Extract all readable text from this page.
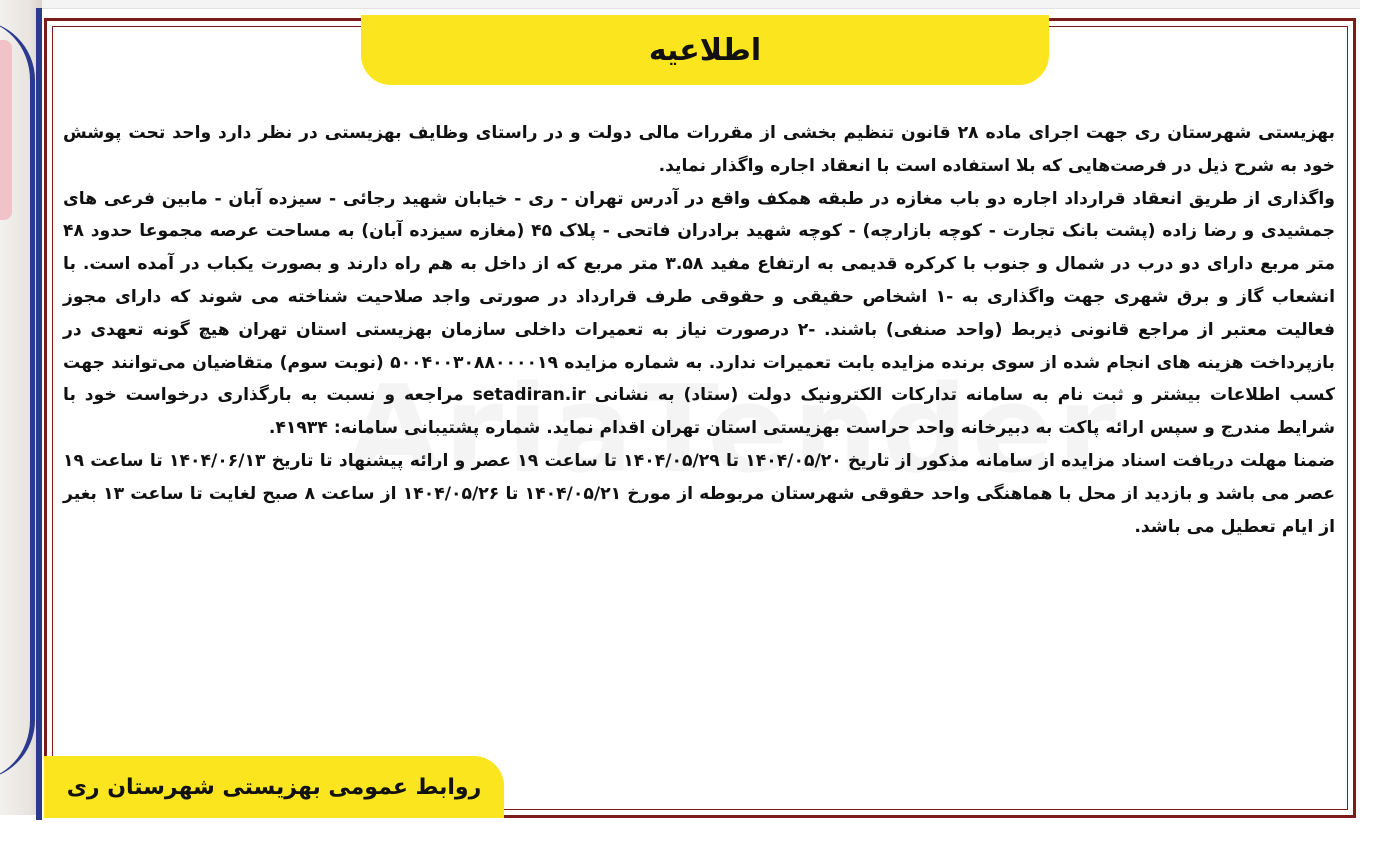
اطلاعیه

بهزیستی شهرستان ری جهت اجرای ماده ۲۸ قانون تنظیم بخشی از مقررات مالی دولت و در راستای وظایف بهزیستی در نظر دارد واحد تحت پوشش خود به شرح ذیل در فرصت‌هایی که بلا استفاده است با انعقاد اجاره واگذار نماید.

واگذاری از طریق انعقاد قرارداد اجاره دو باب مغازه در طبقه همکف واقع در آدرس تهران - ری - خیابان شهید رجائی - سیزده آبان - مابین فرعی های جمشیدی و رضا زاده (پشت بانک تجارت - کوچه بازارچه) - کوچه شهید برادران فاتحی - پلاک ۴۵ (مغازه سیزده آبان) به مساحت عرصه مجموعا حدود ۴۸ متر مربع دارای دو درب در شمال و جنوب با کرکره قدیمی به ارتفاع مفید ۳.۵۸ متر مربع که از داخل به هم راه دارند و بصورت یکباب در آمده است. با انشعاب گاز و برق شهری جهت واگذاری به -۱ اشخاص حقیقی و حقوقی طرف قرارداد در صورتی واجد صلاحیت شناخته می شوند که دارای مجوز فعالیت معتبر از مراجع قانونی ذیربط (واحد صنفی) باشند. -۲ درصورت نیاز به تعمیرات داخلی سازمان بهزیستی استان تهران هیچ گونه تعهدی در بازپرداخت هزینه های انجام شده از سوی برنده مزایده بابت تعمیرات ندارد. به شماره مزایده ۵۰۰۴۰۰۳۰۸۸۰۰۰۰۱۹ (نوبت سوم) متقاضیان می‌توانند جهت کسب اطلاعات بیشتر و ثبت نام به سامانه تدارکات الکترونیک دولت (ستاد) به نشانی setadiran.ir مراجعه و نسبت به بارگذاری درخواست خود با شرایط مندرج و سپس ارائه پاکت به دبیرخانه واحد حراست بهزیستی استان تهران اقدام نماید. شماره پشتیبانی سامانه: ۴۱۹۳۴.

ضمنا مهلت دریافت اسناد مزایده از سامانه مذکور از تاریخ ۱۴۰۴/۰۵/۲۰ تا ۱۴۰۴/۰۵/۲۹ تا ساعت ۱۹ عصر و ارائه پیشنهاد تا تاریخ ۱۴۰۴/۰۶/۱۳ تا ساعت ۱۹ عصر می باشد و بازدید از محل با هماهنگی واحد حقوقی شهرستان مربوطه از مورخ ۱۴۰۴/۰۵/۲۱ تا ۱۴۰۴/۰۵/۲۶ از ساعت ۸ صبح لغایت تا ساعت ۱۳ بغیر از ایام تعطیل می باشد.

روابط عمومی بهزیستی شهرستان ری
